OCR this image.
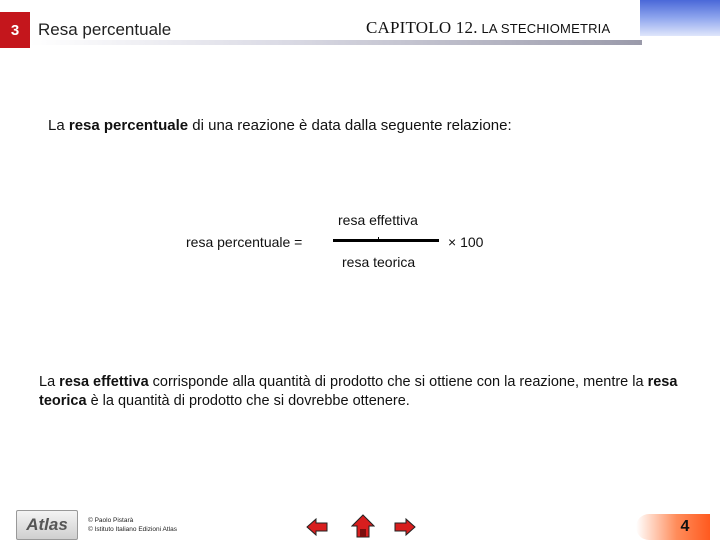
3	Resa percentuale	CAPITOLO 12. LA STECHIOMETRIA
La resa percentuale di una reazione è data dalla seguente relazione:
resa percentuale =
resa effettiva
resa teorica
× 100
La resa effettiva corrisponde alla quantità di prodotto che si ottiene con la reazione, mentre la resa teorica è la quantità di prodotto che si dovrebbe ottenere.
Atlas	© Paolo Pistarà
© Istituto Italiano Edizioni Atlas	4
